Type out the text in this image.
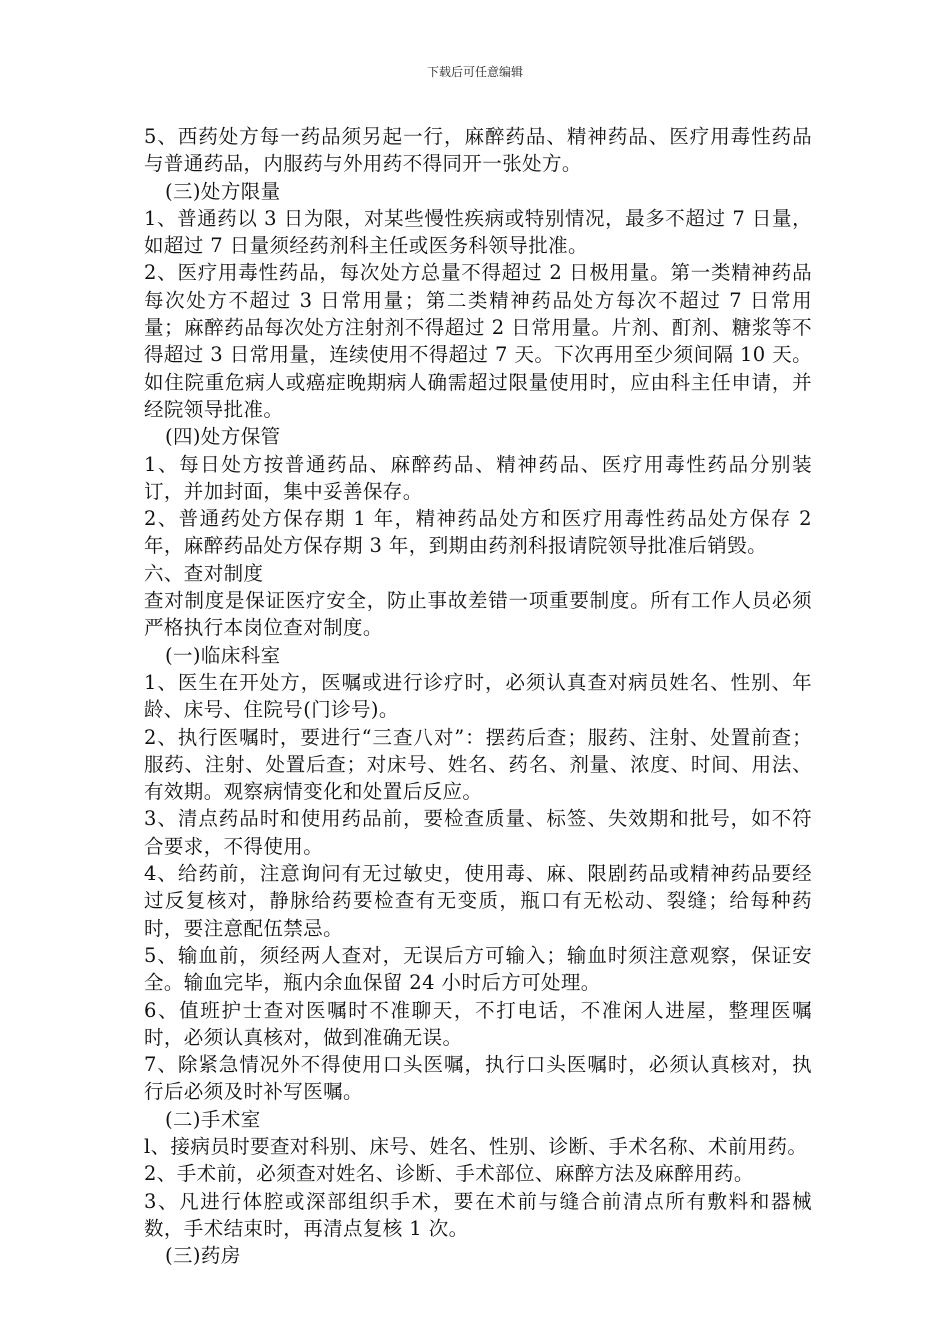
下载后可任意编辑

5、西药处方每一药品须另起一行，麻醉药品、精神药品、医疗用毒性药品与普通药品，内服药与外用药不得同开一张处方。

(三)处方限量

1、普通药以 3 日为限，对某些慢性疾病或特别情况，最多不超过 7 日量，如超过 7 日量须经药剂科主任或医务科领导批准。

2、医疗用毒性药品，每次处方总量不得超过 2 日极用量。第一类精神药品每次处方不超过 3 日常用量；第二类精神药品处方每次不超过 7 日常用量；麻醉药品每次处方注射剂不得超过 2 日常用量。片剂、酊剂、糖浆等不得超过 3 日常用量，连续使用不得超过 7 天。下次再用至少须间隔 10 天。如住院重危病人或癌症晚期病人确需超过限量使用时，应由科主任申请，并经院领导批准。

(四)处方保管

1、每日处方按普通药品、麻醉药品、精神药品、医疗用毒性药品分别装订，并加封面，集中妥善保存。

2、普通药处方保存期 1 年，精神药品处方和医疗用毒性药品处方保存 2 年，麻醉药品处方保存期 3 年，到期由药剂科报请院领导批准后销毁。

六、查对制度

查对制度是保证医疗安全，防止事故差错一项重要制度。所有工作人员必须严格执行本岗位查对制度。

(一)临床科室

1、医生在开处方，医嘱或进行诊疗时，必须认真查对病员姓名、性别、年龄、床号、住院号(门诊号)。

2、执行医嘱时，要进行“三查八对”：摆药后查；服药、注射、处置前查；服药、注射、处置后查；对床号、姓名、药名、剂量、浓度、时间、用法、有效期。观察病情变化和处置后反应。

3、清点药品时和使用药品前，要检查质量、标签、失效期和批号，如不符合要求，不得使用。

4、给药前，注意询问有无过敏史，使用毒、麻、限剧药品或精神药品要经过反复核对，静脉给药要检查有无变质，瓶口有无松动、裂缝；给每种药时，要注意配伍禁忌。

5、输血前，须经两人查对，无误后方可输入；输血时须注意观察，保证安全。输血完毕，瓶内余血保留 24 小时后方可处理。

6、值班护士查对医嘱时不准聊天，不打电话，不准闲人进屋，整理医嘱时，必须认真核对，做到准确无误。

7、除紧急情况外不得使用口头医嘱，执行口头医嘱时，必须认真核对，执行后必须及时补写医嘱。

(二)手术室

l、接病员时要查对科别、床号、姓名、性别、诊断、手术名称、术前用药。

2、手术前，必须查对姓名、诊断、手术部位、麻醉方法及麻醉用药。

3、凡进行体腔或深部组织手术，要在术前与缝合前清点所有敷料和器械数，手术结束时，再清点复核 1 次。

(三)药房
